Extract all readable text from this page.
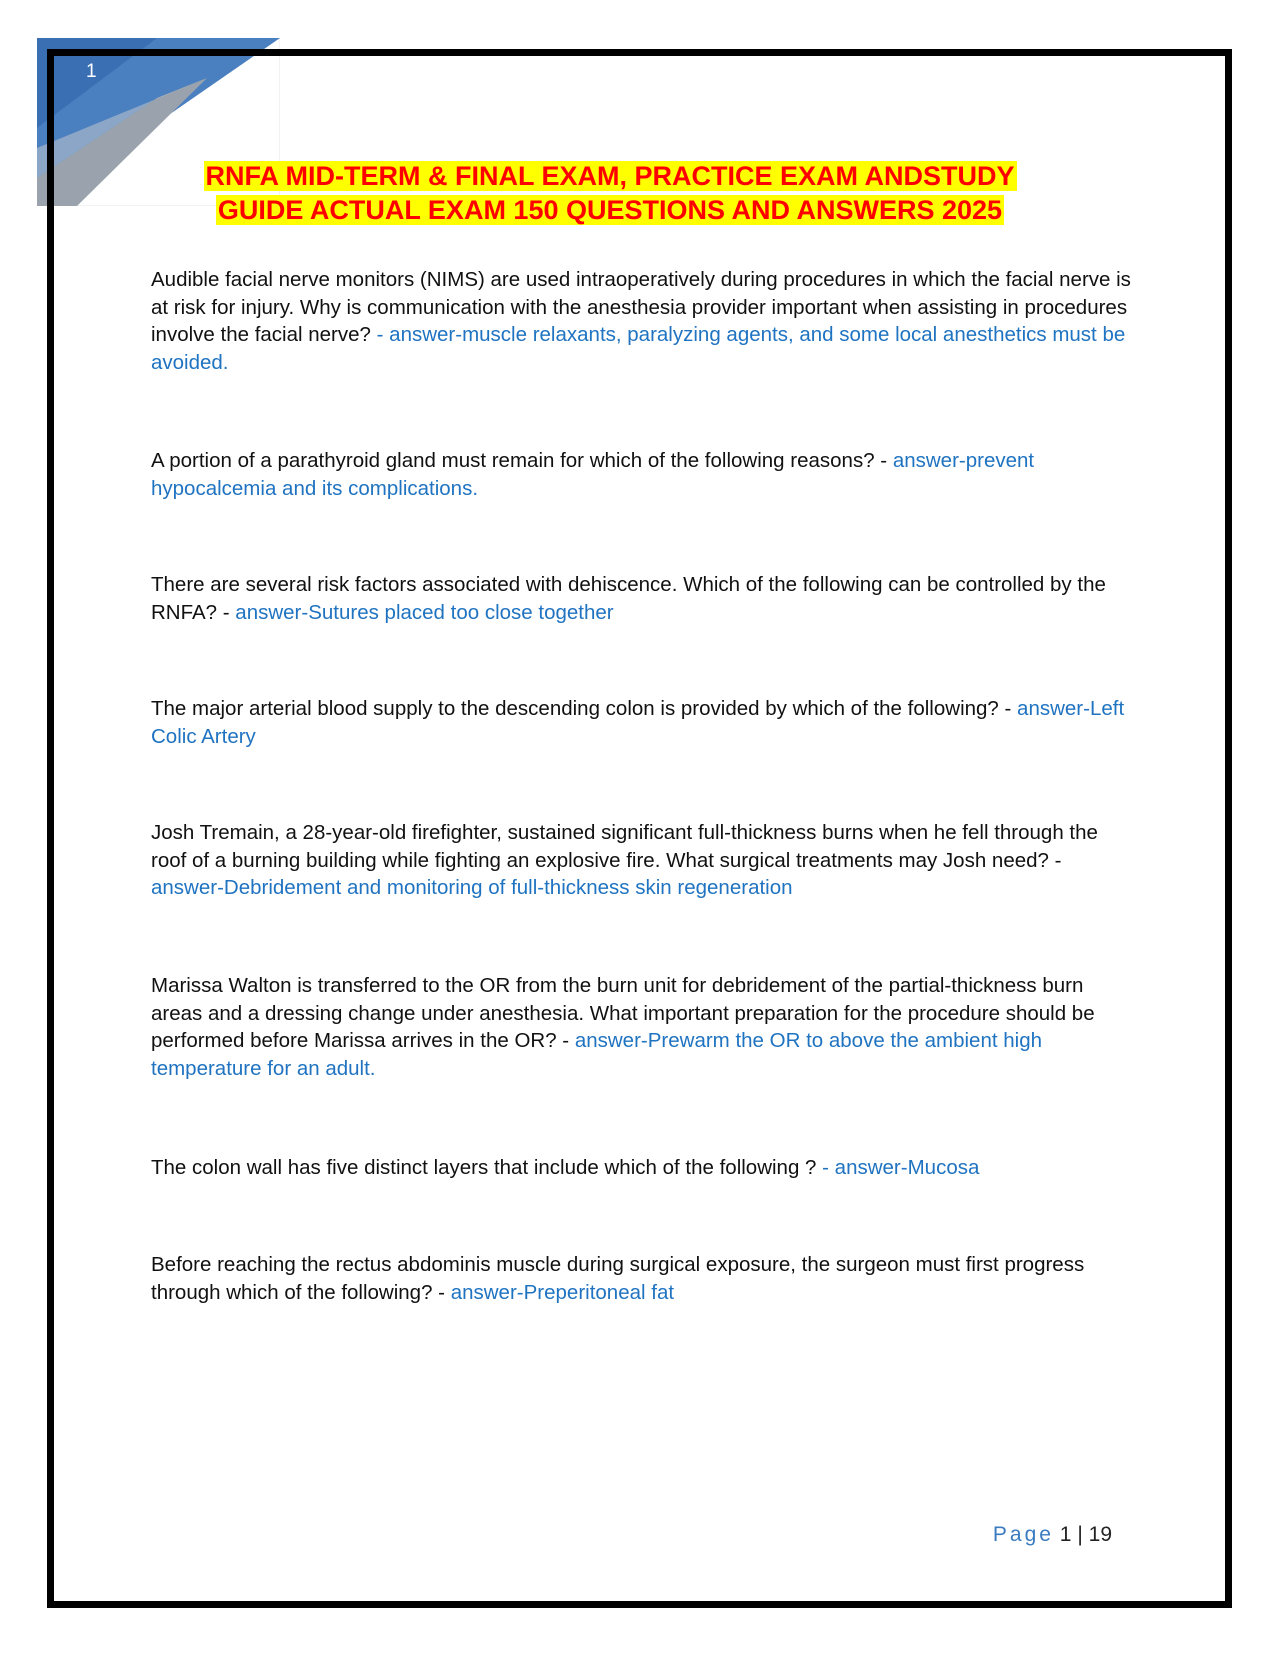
1
RNFA MID-TERM & FINAL EXAM, PRACTICE EXAM ANDSTUDY
GUIDE ACTUAL EXAM 150 QUESTIONS AND ANSWERS 2025

Audible facial nerve monitors (NIMS) are used intraoperatively during procedures in which the facial nerve is at risk for injury. Why is communication with the anesthesia provider important when assisting in procedures involve the facial nerve? - answer-muscle relaxants, paralyzing agents, and some local anesthetics must be avoided.

A portion of a parathyroid gland must remain for which of the following reasons? - answer-prevent hypocalcemia and its complications.

There are several risk factors associated with dehiscence. Which of the following can be controlled by the RNFA? - answer-Sutures placed too close together

The major arterial blood supply to the descending colon is provided by which of the following? - answer-Left Colic Artery

Josh Tremain, a 28-year-old firefighter, sustained significant full-thickness burns when he fell through the roof of a burning building while fighting an explosive fire. What surgical treatments may Josh need? - answer-Debridement and monitoring of full-thickness skin regeneration

Marissa Walton is transferred to the OR from the burn unit for debridement of the partial-thickness burn areas and a dressing change under anesthesia. What important preparation for the procedure should be performed before Marissa arrives in the OR? - answer-Prewarm the OR to above the ambient high temperature for an adult.

The colon wall has five distinct layers that include which of the following ? - answer-Mucosa

Before reaching the rectus abdominis muscle during surgical exposure, the surgeon must first progress through which of the following? - answer-Preperitoneal fat

Page 1 | 19
